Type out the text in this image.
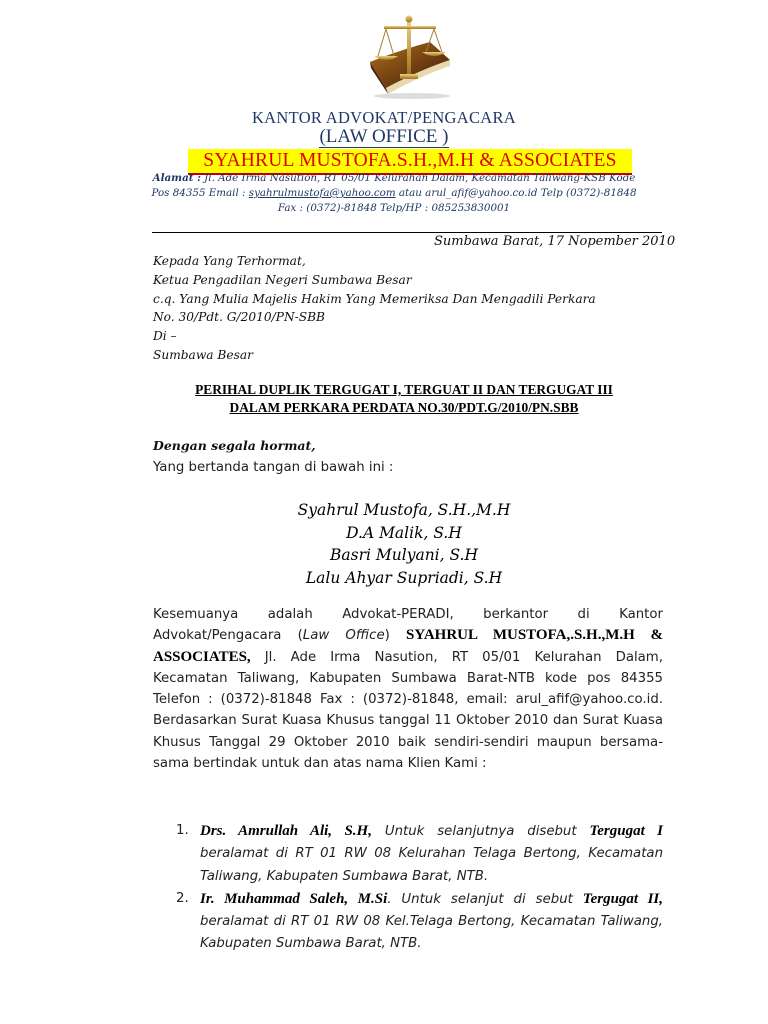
KANTOR ADVOKAT/PENGACARA
(LAW OFFICE )
SYAHRUL MUSTOFA.S.H.,M.H & ASSOCIATES
Alamat : Jl. Ade Irma Nasution, RT 05/01 Kelurahan Dalam, Kecamatan Taliwang-KSB Kode Pos 84355 Email : syahrulmustofa@yahoo.com atau arul_afif@yahoo.co.id Telp (0372)-81848 Fax : (0372)-81848 Telp/HP : 085253830001
Sumbawa Barat, 17 Nopember 2010
Kepada Yang Terhormat,
Ketua Pengadilan Negeri Sumbawa Besar
c.q. Yang Mulia Majelis Hakim Yang Memeriksa Dan Mengadili Perkara
No. 30/Pdt. G/2010/PN-SBB
Di –
Sumbawa Besar
PERIHAL DUPLIK TERGUGAT I, TERGUAT II DAN TERGUGAT III
DALAM PERKARA PERDATA NO.30/PDT.G/2010/PN.SBB
Dengan segala hormat,
Yang bertanda tangan di bawah ini :
Syahrul Mustofa, S.H.,M.H
D.A Malik, S.H
Basri Mulyani, S.H
Lalu Ahyar Supriadi, S.H
Kesemuanya adalah Advokat-PERADI, berkantor di Kantor Advokat/Pengacara (Law Office) SYAHRUL MUSTOFA,.S.H.,M.H & ASSOCIATES, Jl. Ade Irma Nasution, RT 05/01 Kelurahan Dalam, Kecamatan Taliwang, Kabupaten Sumbawa Barat-NTB kode pos 84355 Telefon : (0372)-81848 Fax : (0372)-81848, email: arul_afif@yahoo.co.id. Berdasarkan Surat Kuasa Khusus tanggal 11 Oktober 2010 dan Surat Kuasa Khusus Tanggal 29 Oktober 2010 baik sendiri-sendiri maupun bersama-sama bertindak untuk dan atas nama Klien Kami :
1. Drs. Amrullah Ali, S.H, Untuk selanjutnya disebut Tergugat I beralamat di RT 01 RW 08 Kelurahan Telaga Bertong, Kecamatan Taliwang, Kabupaten Sumbawa Barat, NTB.
2. Ir. Muhammad Saleh, M.Si. Untuk selanjut di sebut Tergugat II, beralamat di RT 01 RW 08 Kel.Telaga Bertong, Kecamatan Taliwang, Kabupaten Sumbawa Barat, NTB.
